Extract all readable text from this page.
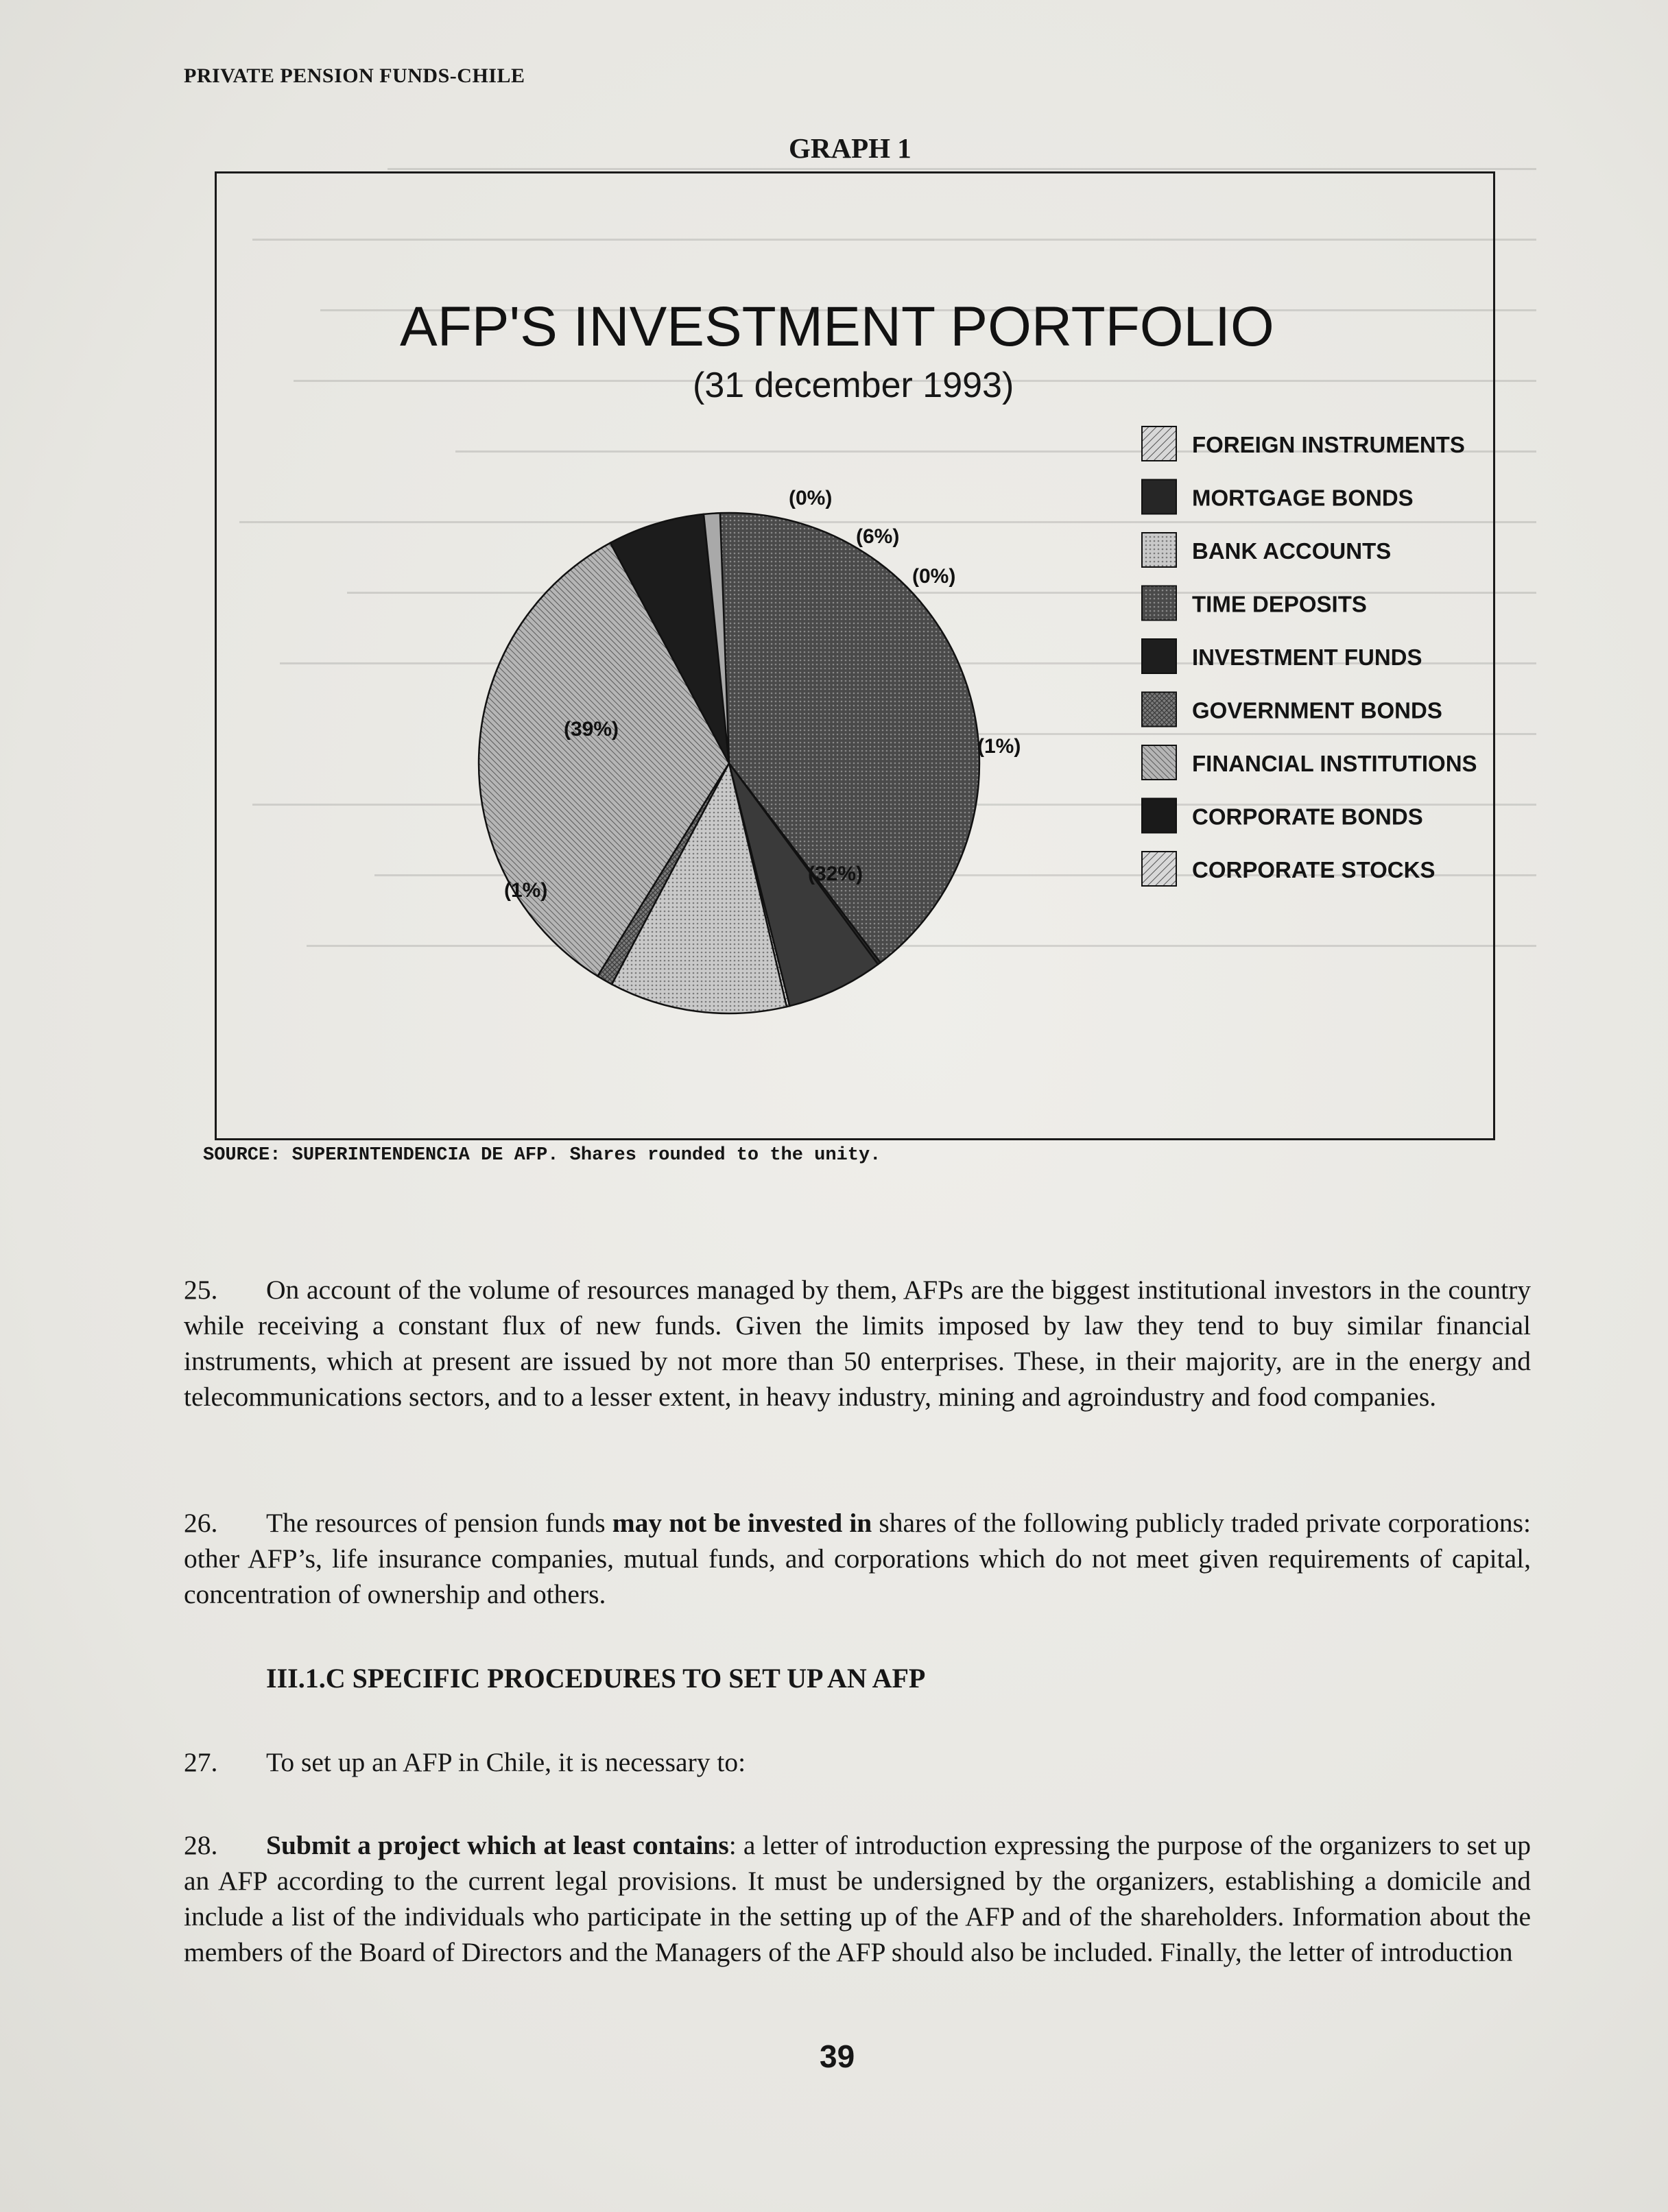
PRIVATE PENSION FUNDS-CHILE
GRAPH 1
AFP'S INVESTMENT PORTFOLIO
(31 december 1993)
(39%)
(0%)
(6%)
(0%)
(1%)
(32%)
(1%)
FOREIGN INSTRUMENTS
MORTGAGE BONDS
BANK ACCOUNTS
TIME DEPOSITS
INVESTMENT FUNDS
GOVERNMENT BONDS
FINANCIAL INSTITUTIONS
CORPORATE BONDS
CORPORATE STOCKS
SOURCE: SUPERINTENDENCIA DE AFP. Shares rounded to the unity.
25. On account of the volume of resources managed by them, AFPs are the biggest institutional investors in the country while receiving a constant flux of new funds. Given the limits imposed by law they tend to buy similar financial instruments, which at present are issued by not more than 50 enterprises. These, in their majority, are in the energy and telecommunications sectors, and to a lesser extent, in heavy industry, mining and agroindustry and food companies.
26. The resources of pension funds may not be invested in shares of the following publicly traded private corporations: other AFP’s, life insurance companies, mutual funds, and corporations which do not meet given requirements of capital, concentration of ownership and others.
III.1.C SPECIFIC PROCEDURES TO SET UP AN AFP
27. To set up an AFP in Chile, it is necessary to:
28. Submit a project which at least contains: a letter of introduction expressing the purpose of the organizers to set up an AFP according to the current legal provisions. It must be undersigned by the organizers, establishing a domicile and include a list of the individuals who participate in the setting up of the AFP and of the shareholders. Information about the members of the Board of Directors and the Managers of the AFP should also be included. Finally, the letter of introduction
39
